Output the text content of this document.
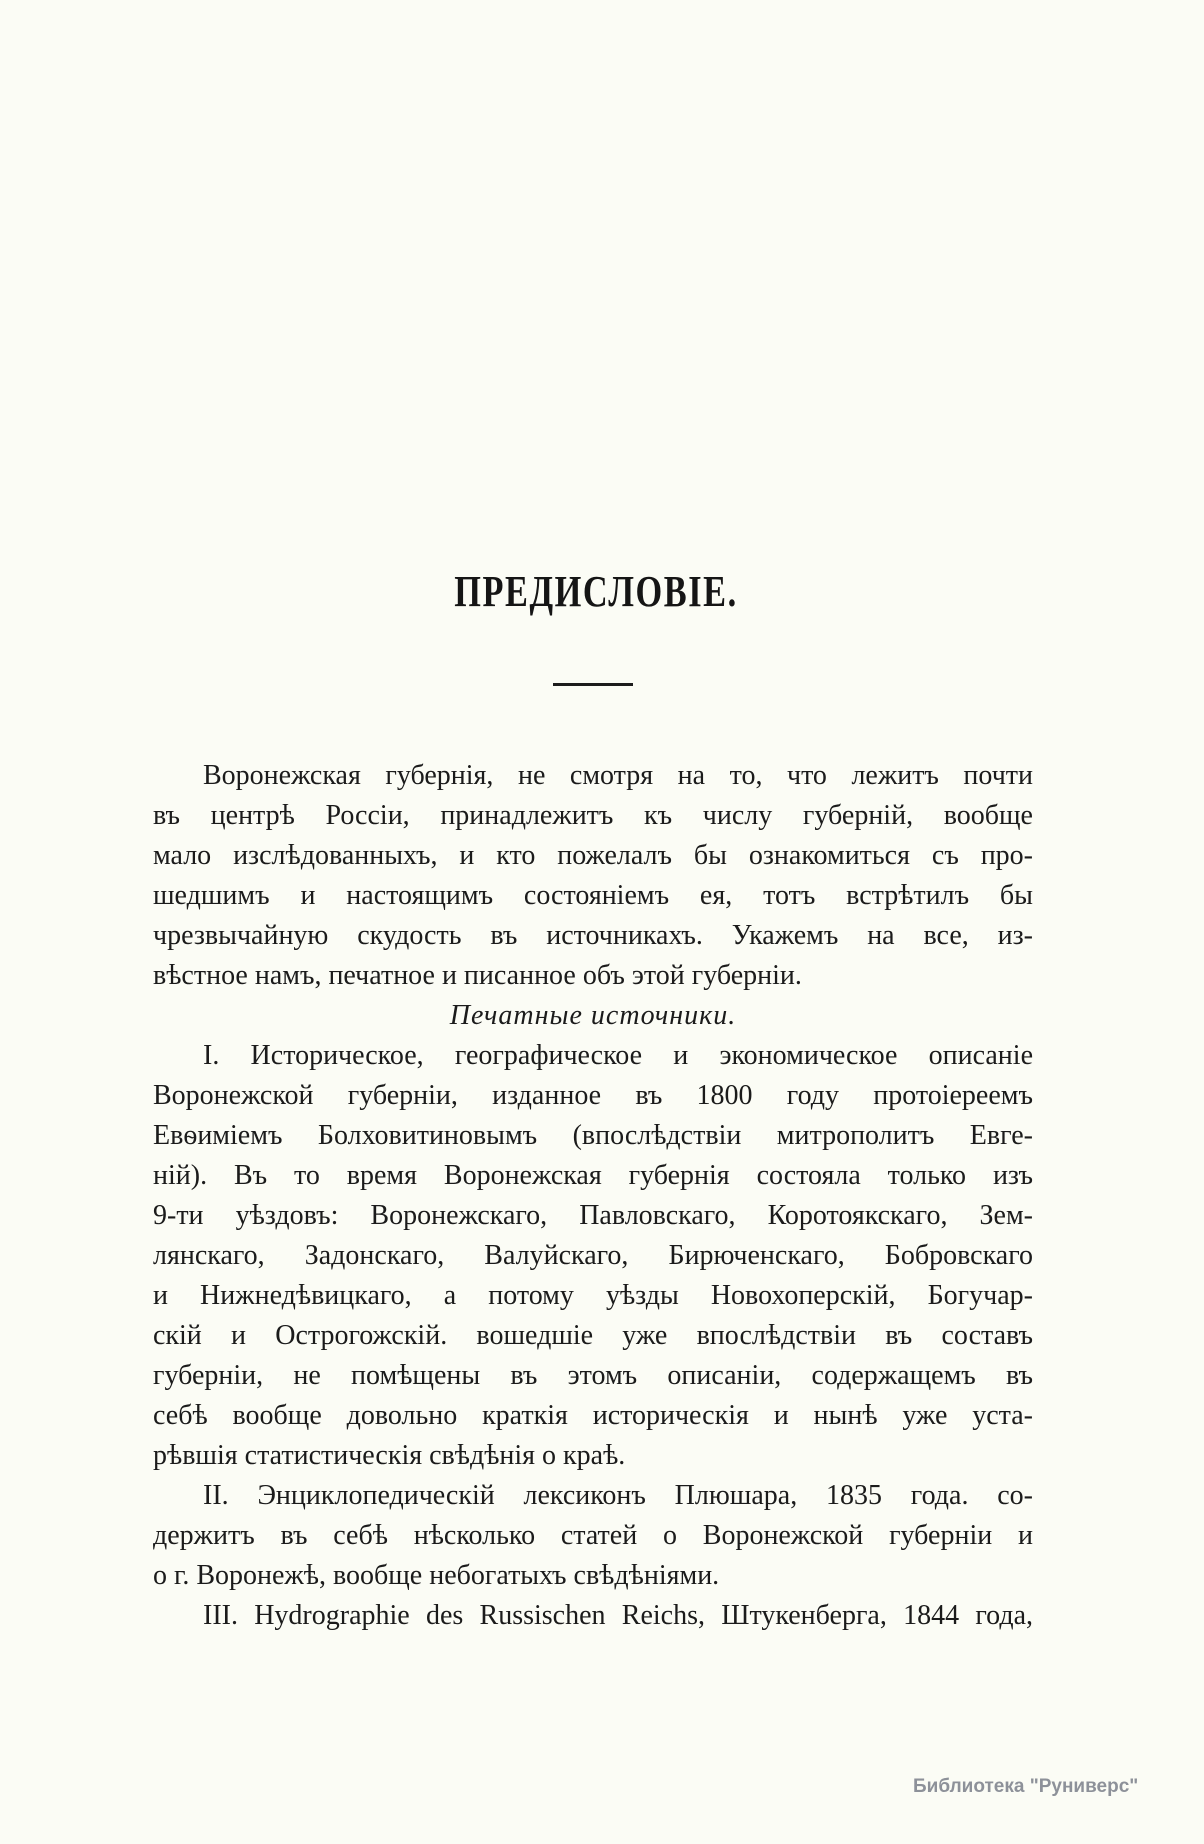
ПРЕДИСЛОВІЕ.
Воронежская губернія, не смотря на то, что лежитъ почти
въ центрѣ Россіи, принадлежитъ къ числу губерній, вообще
мало изслѣдованныхъ, и кто пожелалъ бы ознакомиться съ про-
шедшимъ и настоящимъ состояніемъ ея, тотъ встрѣтилъ бы
чрезвычайную скудость въ источникахъ. Укажемъ на все, из-
вѣстное намъ, печатное и писанное объ этой губерніи.
Печатные источники.
I. Историческое, географическое и экономическое описаніе
Воронежской губерніи, изданное въ 1800 году протоіереемъ
Евѳиміемъ Болховитиновымъ (впослѣдствіи митрополитъ Евге-
ній). Въ то время Воронежская губернія состояла только изъ
9-ти уѣздовъ: Воронежскаго, Павловскаго, Коротоякскаго, Зем-
лянскаго, Задонскаго, Валуйскаго, Бирюченскаго, Бобровскаго
и Нижнедѣвицкаго, а потому уѣзды Новохоперскій, Богучар-
скій и Острогожскій. вошедшіе уже впослѣдствіи въ составъ
губерніи, не помѣщены въ этомъ описаніи, содержащемъ въ
себѣ вообще довольно краткія историческія и нынѣ уже уста-
рѣвшія статистическія свѣдѣнія о краѣ.
II. Энциклопедическій лексиконъ Плюшара, 1835 года. со-
держитъ въ себѣ нѣсколько статей о Воронежской губерніи и
о г. Воронежѣ, вообще небогатыхъ свѣдѣніями.
III. Hydrographie des Russischen Reichs, Штукенберга, 1844 года,
Библиотека "Руниверс"
